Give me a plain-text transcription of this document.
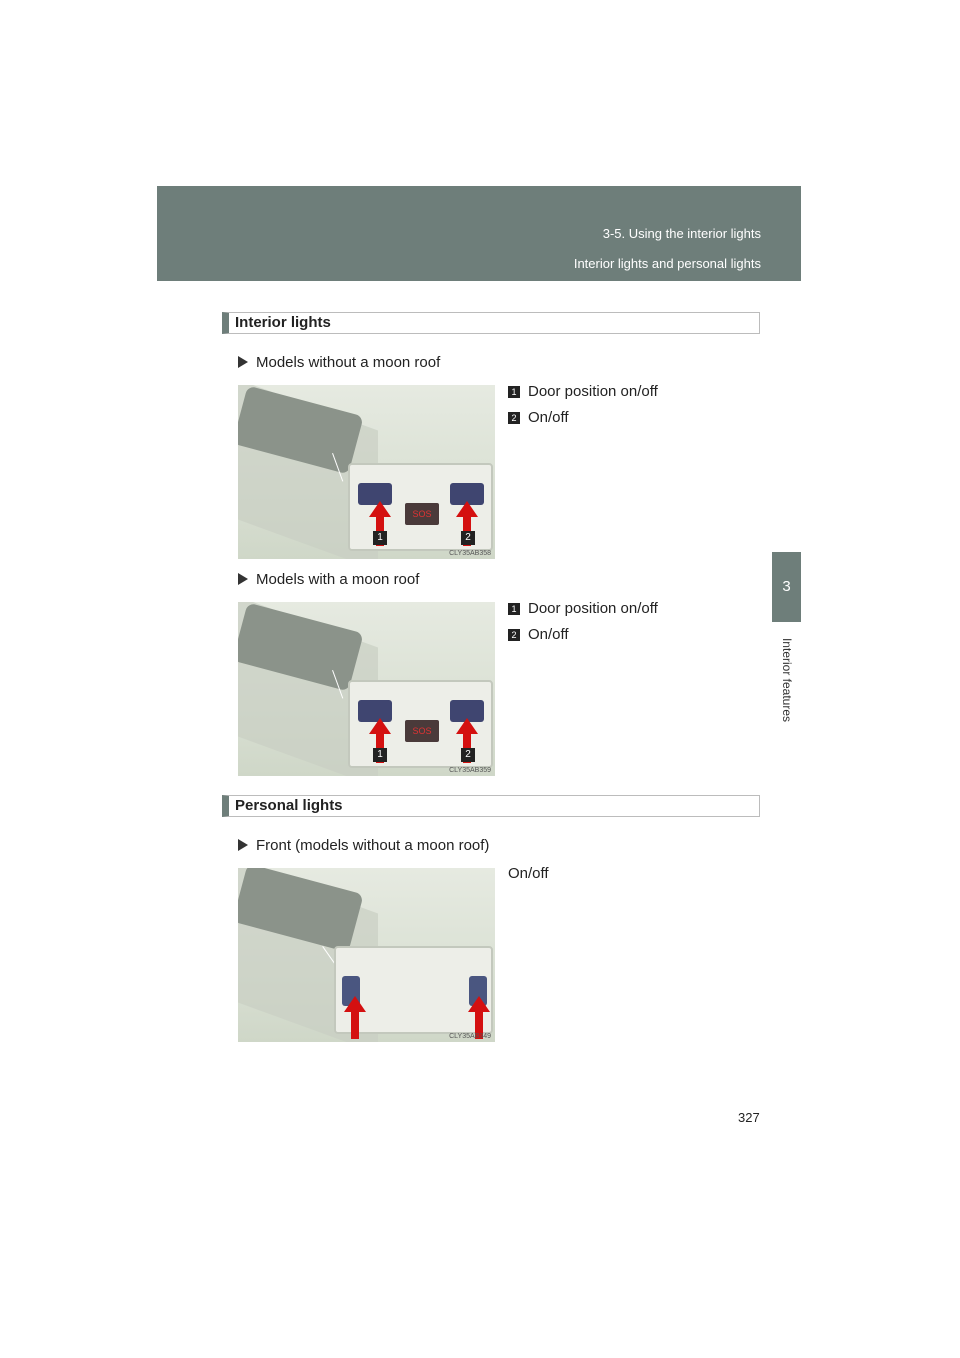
3-5. Using the interior lights
Interior lights and personal lights
3
Interior features
Interior lights
Models without a moon roof
SOS
1	2
CLY35AB358
1 Door position on/off
2 On/off
Models with a moon roof
SOS
1	2
CLY35AB359
1 Door position on/off
2 On/off
Personal lights
Front (models without a moon roof)
CLY35AB349
On/off
327
